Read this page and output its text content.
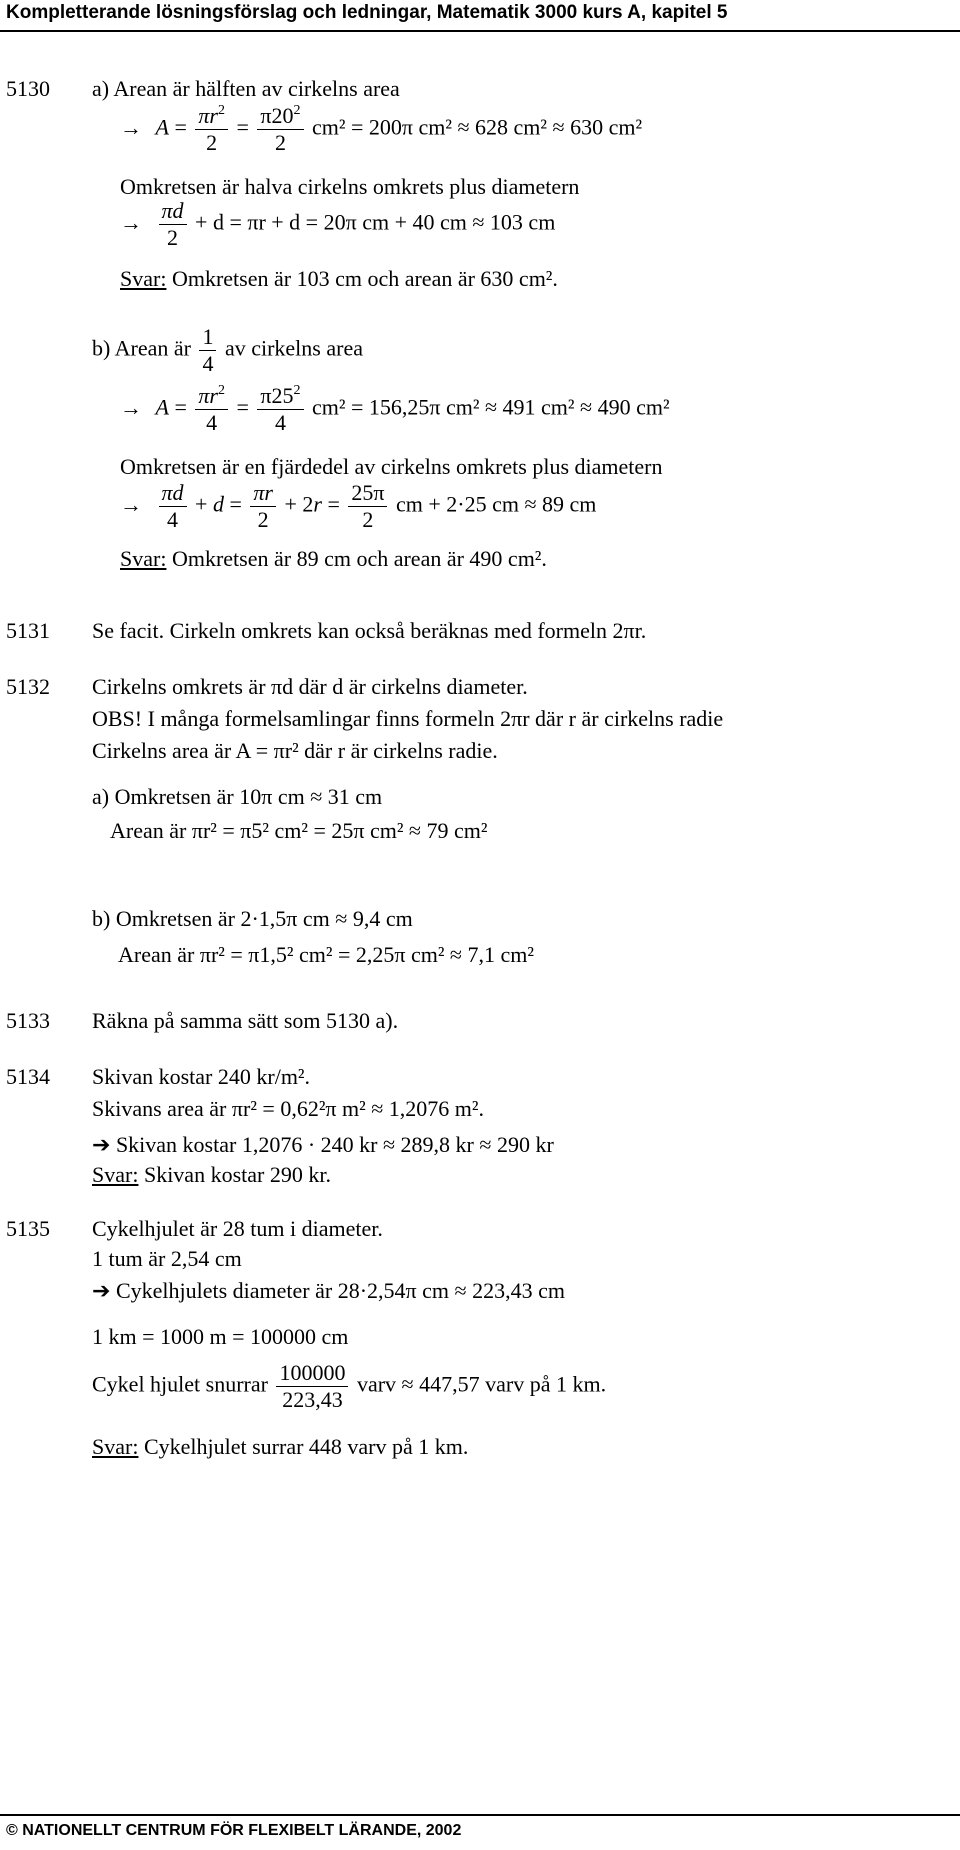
Kompletterande lösningsförslag och ledningar, Matematik 3000 kurs A, kapitel 5
5130 a) Arean är hälften av cirkelns area
→ $A = \frac{\pi r^2}{2} = \frac{\pi 20^2}{2} cm^2 = 200\pi$ cm² ≈ 628 cm² ≈ 630 cm²
Omkretsen är halva cirkelns omkrets plus diametern
→ $\frac{\pi d}{2} + d = \pi r + d = 20\pi$ cm + 40 cm ≈ 103 cm
Svar: Omkretsen är 103 cm och arean är 630 cm².
b) Arean är $\frac{1}{4}$ av cirkelns area
→ $A = \frac{\pi r^2}{4} = \frac{\pi 25^2}{4} cm^2 = 156,25\pi$ cm² ≈ 491 cm² ≈ 490 cm²
Omkretsen är en fjärdedel av cirkelns omkrets plus diametern
→ $\frac{\pi d}{4} + d = \frac{\pi r}{2} + 2r = \frac{25\pi}{2}$ cm + 2·25 cm ≈ 89 cm
Svar: Omkretsen är 89 cm och arean är 490 cm².
5131 Se facit. Cirkeln omkrets kan också beräknas med formeln 2πr.
5132 Cirkelns omkrets är πd där d är cirkelns diameter.
OBS! I många formelsamlingar finns formeln 2πr där r är cirkelns radie
Cirkelns area är A = πr² där r är cirkelns radie.
a) Omkretsen är 10π cm ≈ 31 cm
Arean är πr² = π5² cm² = 25π cm² ≈ 79 cm²
b) Omkretsen är 2·1,5π cm ≈ 9,4 cm
Arean är πr² = π1,5² cm² = 2,25π cm² ≈ 7,1 cm²
5133 Räkna på samma sätt som 5130 a).
5134 Skivan kostar 240 kr/m².
Skivans area är πr² = 0,62²π m² ≈ 1,2076 m².
➔ Skivan kostar 1,2076 · 240 kr ≈ 289,8 kr ≈ 290 kr
Svar: Skivan kostar 290 kr.
5135 Cykelhjulet är 28 tum i diameter.
1 tum är 2,54 cm
➔ Cykelhjulets diameter är 28·2,54π cm ≈ 223,43 cm
1 km = 1000 m = 100000 cm
Cykel hjulet snurrar $\frac{100000}{223,43}$ varv ≈ 447,57 varv på 1 km.
Svar: Cykelhjulet surrar 448 varv på 1 km.
© NATIONELLT CENTRUM FÖR FLEXIBELT LÄRANDE, 2002
